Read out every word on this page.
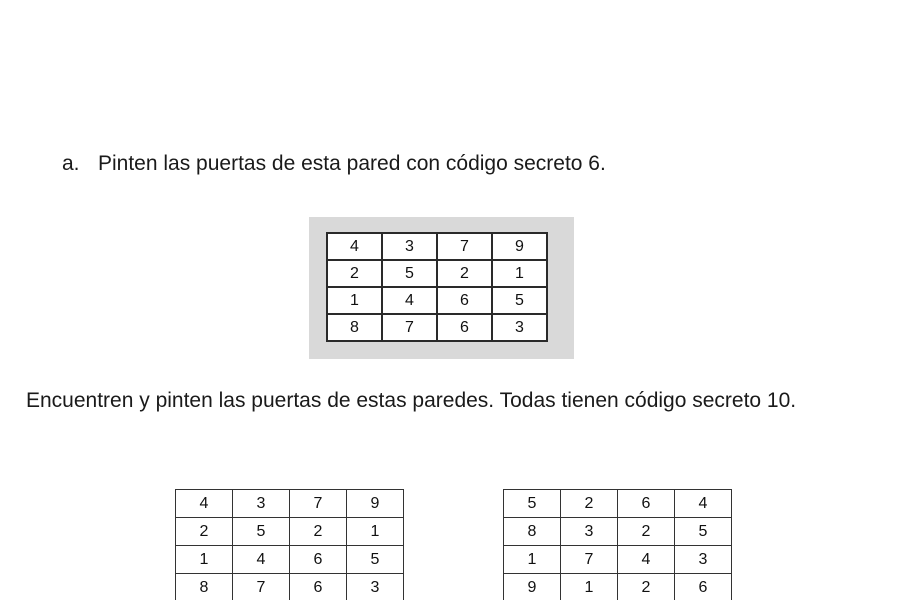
a. Pinten las puertas de esta pared con código secreto 6.
4	3	7	9
2	5	2	1
1	4	6	5
8	7	6	3

Encuentren y pinten las puertas de estas paredes. Todas tienen código secreto 10.

4	3	7	9
2	5	2	1
1	4	6	5
8	7	6	3
5	2	6	4
8	3	2	5
1	7	4	3
9	1	2	6
